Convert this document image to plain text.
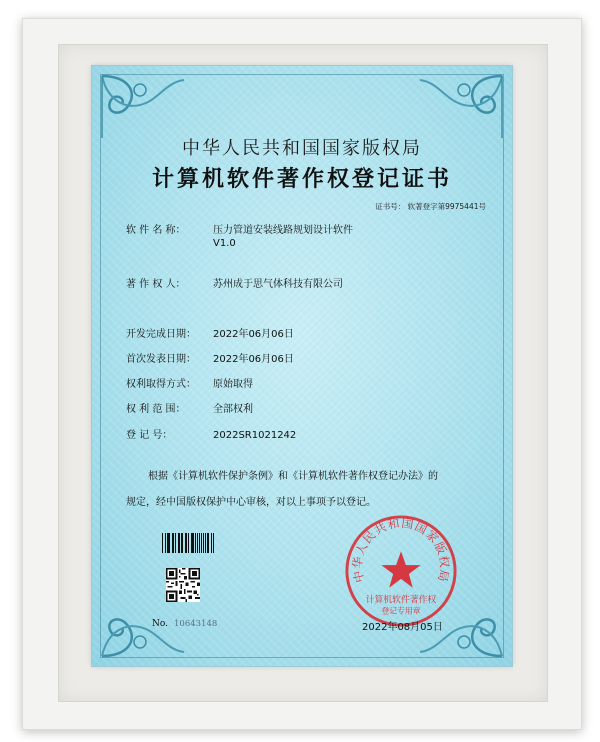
中华人民共和国国家版权局
计算机软件著作权登记证书
证书号： 软著登字第9975441号
软 件 名 称：	压力管道安装线路规划设计软件
V1.0
著 作 权 人：	苏州成于思气体科技有限公司
开发完成日期：	2022年06月06日
首次发表日期：	2022年06月06日
权利取得方式：	原始取得
权 利 范 围：	全部权利
登 记 号：	2022SR1021242
根据《计算机软件保护条例》和《计算机软件著作权登记办法》的
规定，经中国版权保护中心审核，对以上事项予以登记。
No. 10643148
中华人民共和国国家版权局
计算机软件著作权
登记专用章
2022年08月05日
